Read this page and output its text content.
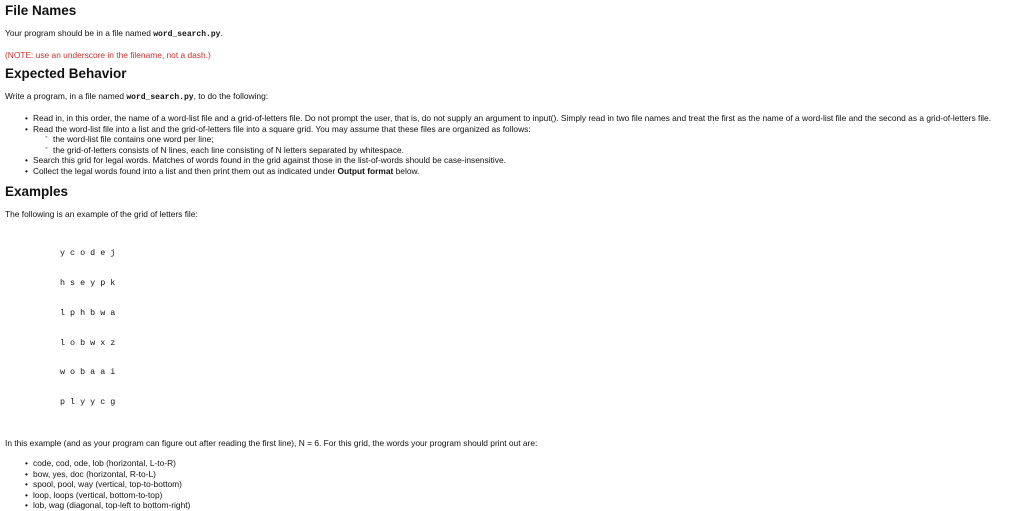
File Names

Your program should be in a file named word_search.py.

(NOTE: use an underscore in the filename, not a dash.)

Expected Behavior

Write a program, in a file named word_search.py, to do the following:

• Read in, in this order, the name of a word-list file and a grid-of-letters file. Do not prompt the user, that is, do not supply an argument to input(). Simply read in two file names and treat the first as the name of a word-list file and the second as a grid-of-letters file.
• Read the word-list file into a list and the grid-of-letters file into a square grid. You may assume that these files are organized as follows:
◦ the word-list file contains one word per line;
◦ the grid-of-letters consists of N lines, each line consisting of N letters separated by whitespace.
• Search this grid for legal words. Matches of words found in the grid against those in the list-of-words should be case-insensitive.
• Collect the legal words found into a list and then print them out as indicated under Output format below.
Examples

The following is an example of the grid of letters file:

y c o d e j

h s e y p k

l p h b w a

l o b w x z

w o b a a i

p l y y c g

In this example (and as your program can figure out after reading the first line), N = 6. For this grid, the words your program should print out are:

• code, cod, ode, lob (horizontal, L-to-R)
• bow, yes, doc (horizontal, R-to-L)
• spool, pool, way (vertical, top-to-bottom)
• loop, loops (vertical, bottom-to-top)
• lob, wag (diagonal, top-left to bottom-right)
